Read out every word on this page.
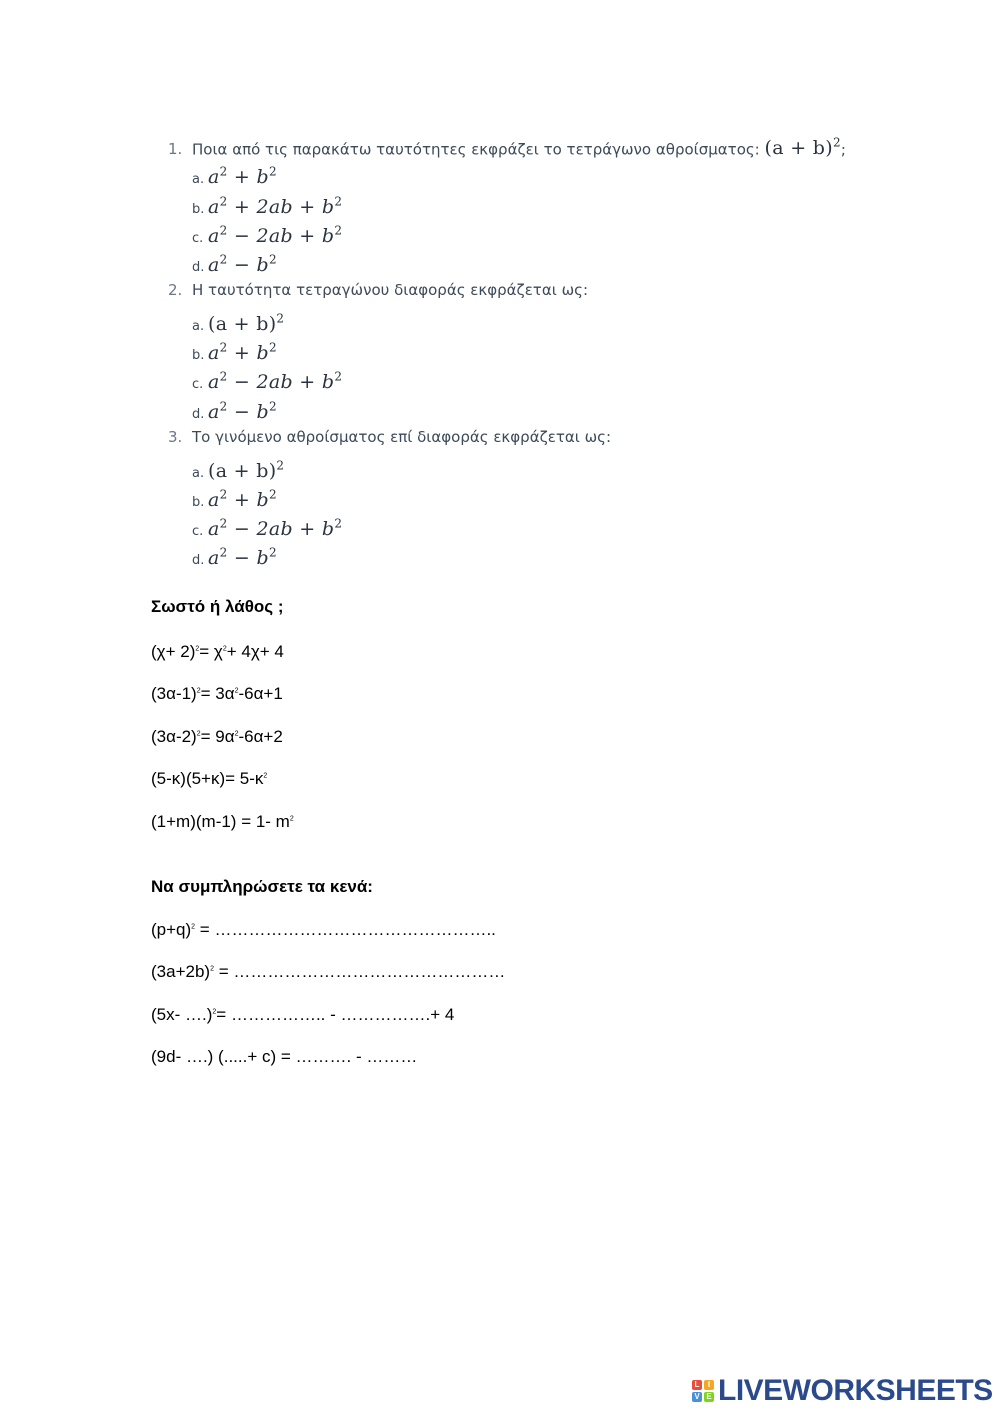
1. Ποια από τις παρακάτω ταυτότητες εκφράζει το τετράγωνο αθροίσματος: $(a + b)^2$;
a. $a^2 + b^2$
b. $a^2 + 2ab + b^2$
c. $a^2 - 2ab + b^2$
d. $a^2 - b^2$
2. Η ταυτότητα τετραγώνου διαφοράς εκφράζεται ως:
a. $(a + b)^2$
b. $a^2 + b^2$
c. $a^2 - 2ab + b^2$
d. $a^2 - b^2$
3. Το γινόμενο αθροίσματος επί διαφοράς εκφράζεται ως:
a. $(a + b)^2$
b. $a^2 + b^2$
c. $a^2 - 2ab + b^2$
d. $a^2 - b^2$
Σωστό ή λάθος ;
$(\chi+ 2)^2= \chi^2+ 4\chi+ 4$
$(3\alpha-1)^2= 3\alpha^2-6\alpha+1$
$(3\alpha-2)^2= 9\alpha^2-6\alpha+2$
$(5-\kappa)(5+\kappa)= 5-\kappa^2$
(1+m)(m-1) = 1- $m^2$
Να συμπληρώσετε τα κενά:
$(p+q)^2$ = …………………………………………..
$(3a+2b)^2$ = …………………………………………
(5x- ….)$^2$= …………….. - …………….+ 4
(9d- ….) (.....+ c) = ………. - ………
L	I
V E LIVEWORKSHEETS
